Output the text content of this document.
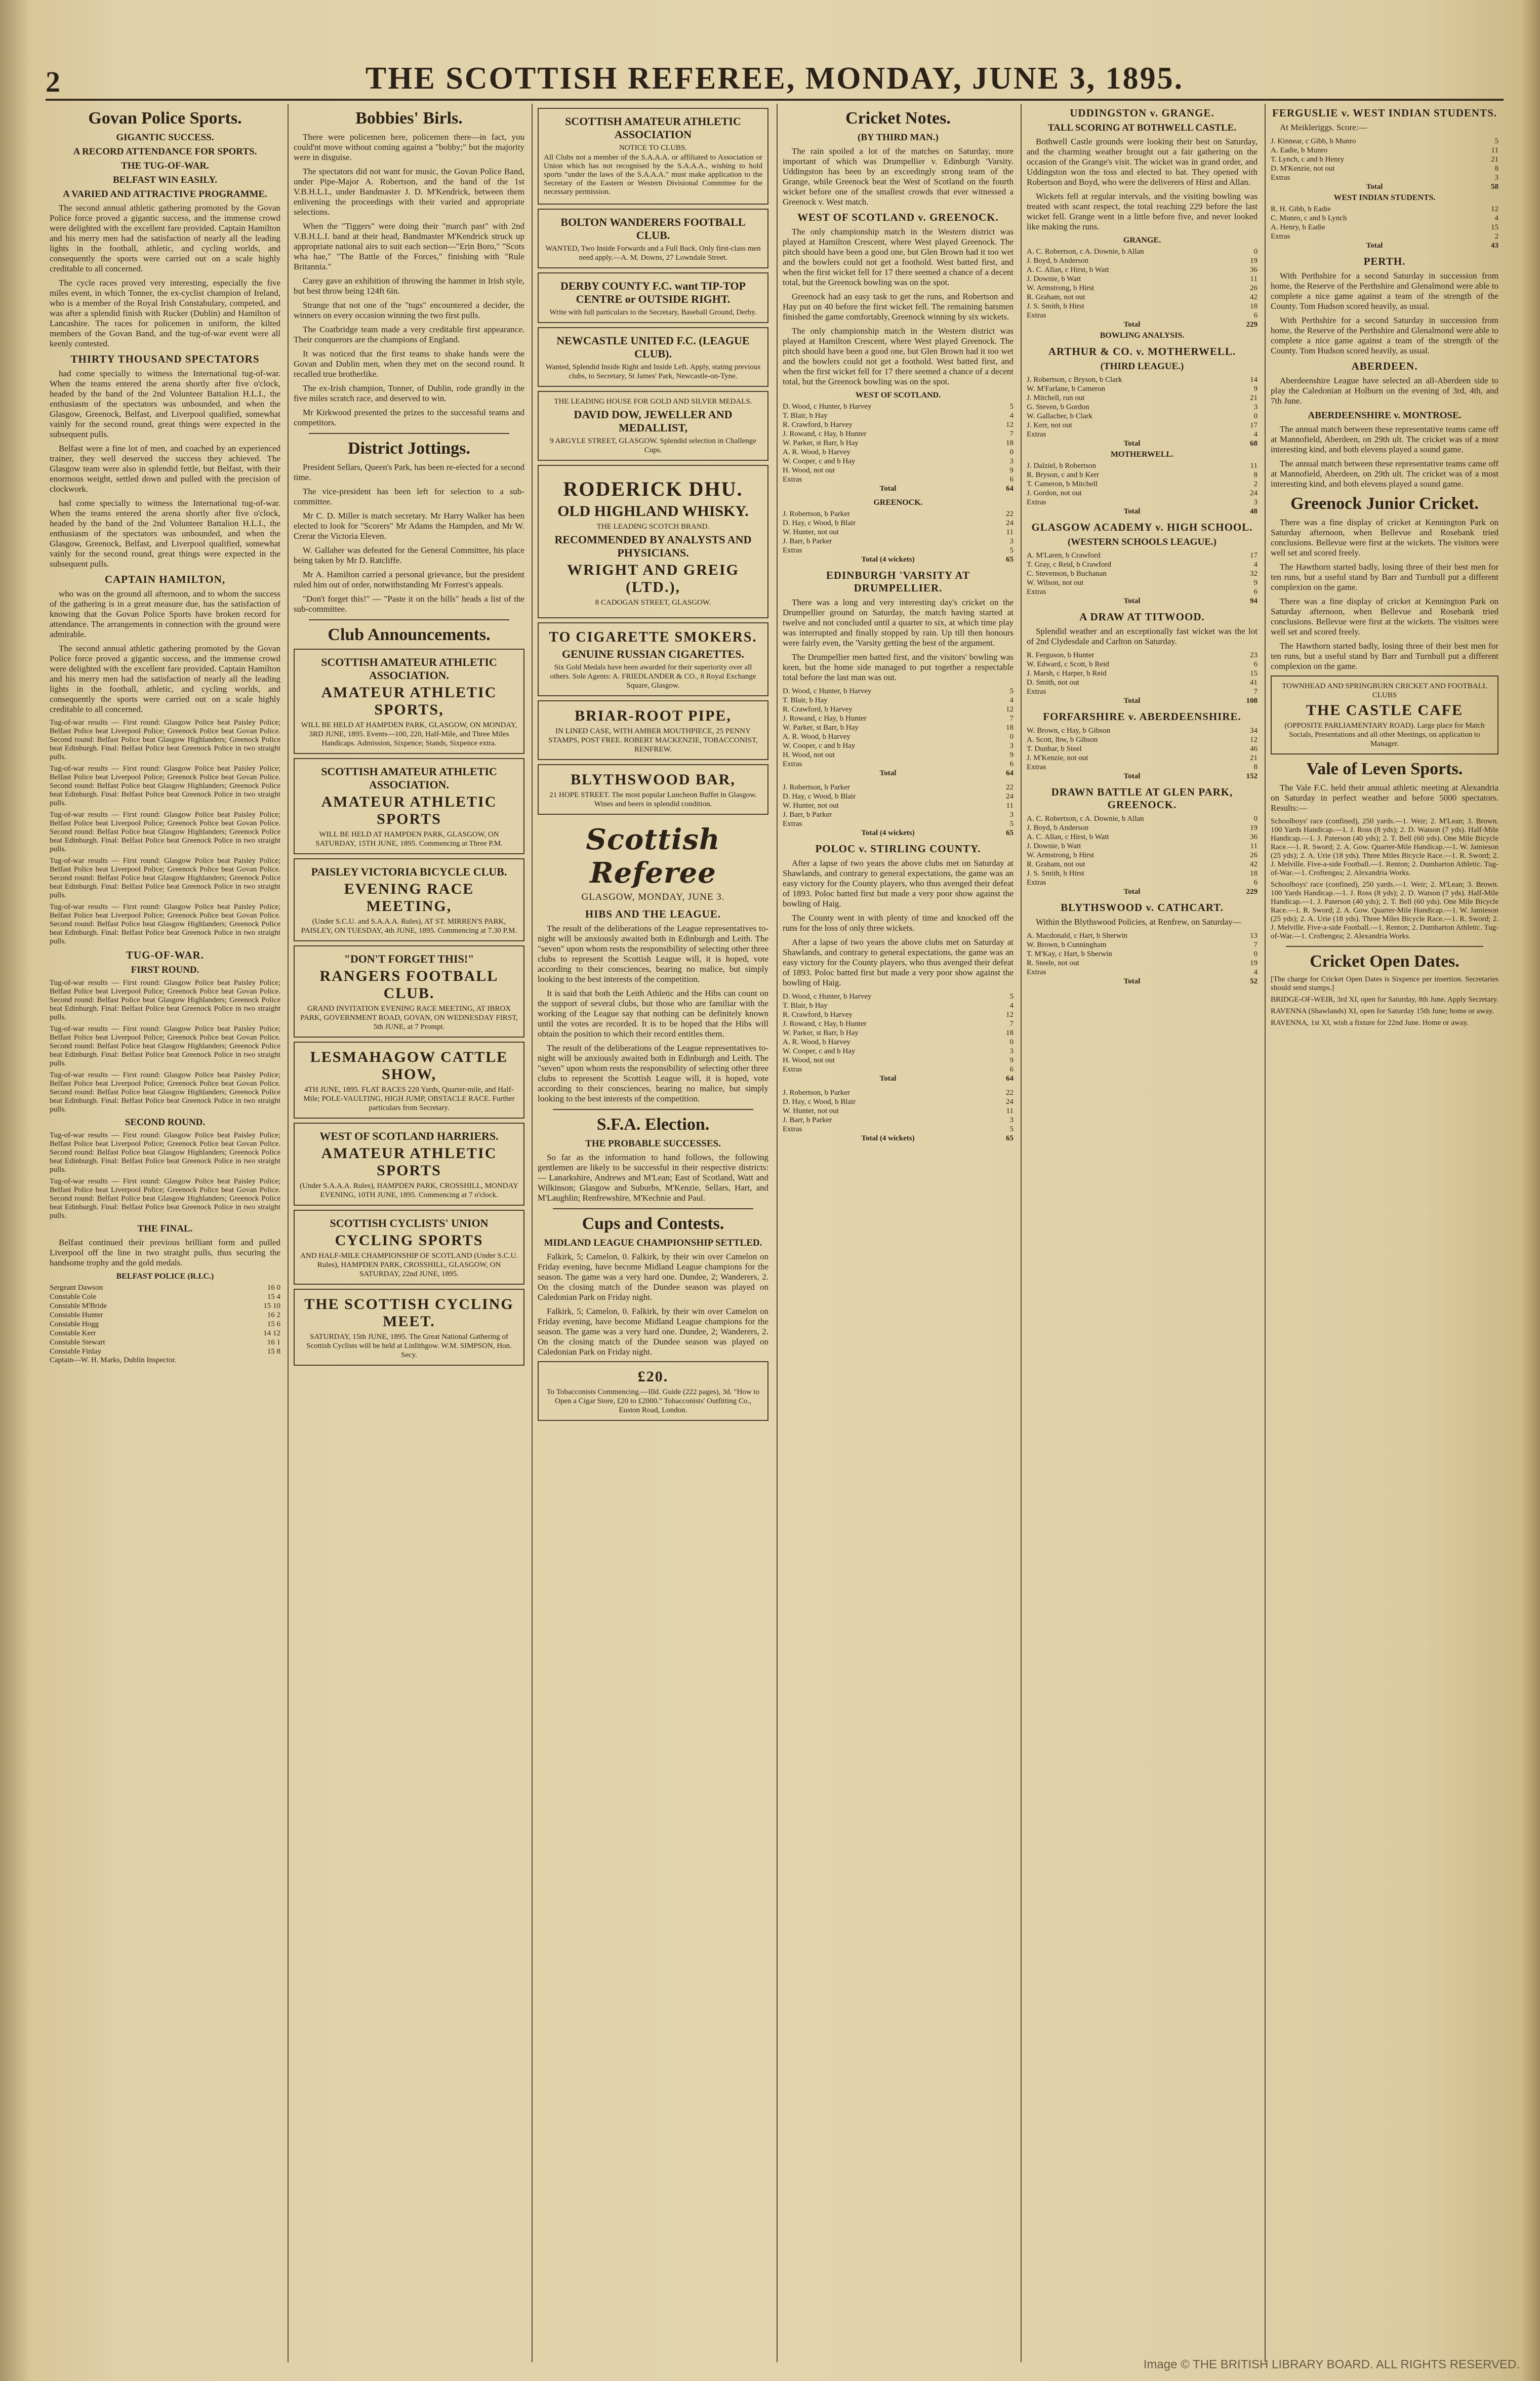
2	THE SCOTTISH REFEREE, MONDAY, JUNE 3, 1895.
Govan Police Sports.
GIGANTIC SUCCESS.
A RECORD ATTENDANCE FOR SPORTS.
THE TUG-OF-WAR.
BELFAST WIN EASILY.
A VARIED AND ATTRACTIVE PROGRAMME.

The second annual athletic gathering promoted by the Govan Police force proved a gigantic success, and the immense crowd were delighted with the excellent fare provided. Captain Hamilton and his merry men had the satisfaction of nearly all the leading lights in the football, athletic, and cycling worlds, and consequently the sports were carried out on a scale highly creditable to all concerned.

The cycle races proved very interesting, especially the five miles event, in which Tonner, the ex-cyclist champion of Ireland, who is a member of the Royal Irish Constabulary, competed, and was after a splendid finish with Rucker (Dublin) and Hamilton of Lancashire. The races for policemen in uniform, the kilted members of the Govan Band, and the tug-of-war event were all keenly contested.

THIRTY THOUSAND SPECTATORS

had come specially to witness the International tug-of-war. When the teams entered the arena shortly after five o'clock, headed by the band of the 2nd Volunteer Battalion H.L.I., the enthusiasm of the spectators was unbounded, and when the Glasgow, Greenock, Belfast, and Liverpool qualified, somewhat vainly for the second round, great things were expected in the subsequent pulls.

Belfast were a fine lot of men, and coached by an experienced trainer, they well deserved the success they achieved. The Glasgow team were also in splendid fettle, but Belfast, with their enormous weight, settled down and pulled with the precision of clockwork.

had come specially to witness the International tug-of-war. When the teams entered the arena shortly after five o'clock, headed by the band of the 2nd Volunteer Battalion H.L.I., the enthusiasm of the spectators was unbounded, and when the Glasgow, Greenock, Belfast, and Liverpool qualified, somewhat vainly for the second round, great things were expected in the subsequent pulls.

CAPTAIN HAMILTON,

who was on the ground all afternoon, and to whom the success of the gathering is in a great measure due, has the satisfaction of knowing that the Govan Police Sports have broken record for attendance. The arrangements in connection with the ground were admirable.

The second annual athletic gathering promoted by the Govan Police force proved a gigantic success, and the immense crowd were delighted with the excellent fare provided. Captain Hamilton and his merry men had the satisfaction of nearly all the leading lights in the football, athletic, and cycling worlds, and consequently the sports were carried out on a scale highly creditable to all concerned.

Tug-of-war results — First round: Glasgow Police beat Paisley Police; Belfast Police beat Liverpool Police; Greenock Police beat Govan Police. Second round: Belfast Police beat Glasgow Highlanders; Greenock Police beat Edinburgh. Final: Belfast Police beat Greenock Police in two straight pulls.
Tug-of-war results — First round: Glasgow Police beat Paisley Police; Belfast Police beat Liverpool Police; Greenock Police beat Govan Police. Second round: Belfast Police beat Glasgow Highlanders; Greenock Police beat Edinburgh. Final: Belfast Police beat Greenock Police in two straight pulls.
Tug-of-war results — First round: Glasgow Police beat Paisley Police; Belfast Police beat Liverpool Police; Greenock Police beat Govan Police. Second round: Belfast Police beat Glasgow Highlanders; Greenock Police beat Edinburgh. Final: Belfast Police beat Greenock Police in two straight pulls.
Tug-of-war results — First round: Glasgow Police beat Paisley Police; Belfast Police beat Liverpool Police; Greenock Police beat Govan Police. Second round: Belfast Police beat Glasgow Highlanders; Greenock Police beat Edinburgh. Final: Belfast Police beat Greenock Police in two straight pulls.
Tug-of-war results — First round: Glasgow Police beat Paisley Police; Belfast Police beat Liverpool Police; Greenock Police beat Govan Police. Second round: Belfast Police beat Glasgow Highlanders; Greenock Police beat Edinburgh. Final: Belfast Police beat Greenock Police in two straight pulls.
TUG-OF-WAR.
FIRST ROUND.
Tug-of-war results — First round: Glasgow Police beat Paisley Police; Belfast Police beat Liverpool Police; Greenock Police beat Govan Police. Second round: Belfast Police beat Glasgow Highlanders; Greenock Police beat Edinburgh. Final: Belfast Police beat Greenock Police in two straight pulls.
Tug-of-war results — First round: Glasgow Police beat Paisley Police; Belfast Police beat Liverpool Police; Greenock Police beat Govan Police. Second round: Belfast Police beat Glasgow Highlanders; Greenock Police beat Edinburgh. Final: Belfast Police beat Greenock Police in two straight pulls.
Tug-of-war results — First round: Glasgow Police beat Paisley Police; Belfast Police beat Liverpool Police; Greenock Police beat Govan Police. Second round: Belfast Police beat Glasgow Highlanders; Greenock Police beat Edinburgh. Final: Belfast Police beat Greenock Police in two straight pulls.
SECOND ROUND.
Tug-of-war results — First round: Glasgow Police beat Paisley Police; Belfast Police beat Liverpool Police; Greenock Police beat Govan Police. Second round: Belfast Police beat Glasgow Highlanders; Greenock Police beat Edinburgh. Final: Belfast Police beat Greenock Police in two straight pulls.
Tug-of-war results — First round: Glasgow Police beat Paisley Police; Belfast Police beat Liverpool Police; Greenock Police beat Govan Police. Second round: Belfast Police beat Glasgow Highlanders; Greenock Police beat Edinburgh. Final: Belfast Police beat Greenock Police in two straight pulls.
THE FINAL.

Belfast continued their previous brilliant form and pulled Liverpool off the line in two straight pulls, thus securing the handsome trophy and the gold medals.

BELFAST POLICE (R.I.C.)
Sergeant Dawson	16 0
Constable Cole	15 4
Constable M'Bride	15 10
Constable Hunter	16 2
Constable Hogg	15 6
Constable Kerr	14 12
Constable Stewart	16 1
Constable Finlay	15 8
Captain—W. H. Marks, Dublin Inspector.
Bobbies' Birls.

There were policemen here, policemen there—in fact, you could'nt move without coming against a "bobby;" but the majority were in disguise.

The spectators did not want for music, the Govan Police Band, under Pipe-Major A. Robertson, and the band of the 1st V.B.H.L.I., under Bandmaster J. D. M'Kendrick, between them enlivening the proceedings with their varied and appropriate selections.

When the "Tiggers" were doing their "march past" with 2nd V.B.H.L.I. band at their head, Bandmaster M'Kendrick struck up appropriate national airs to suit each section—"Erin Boro," "Scots wha hae," "The Battle of the Forces," finishing with "Rule Britannia."

Carey gave an exhibition of throwing the hammer in Irish style, but best throw being 124ft 6in.

Strange that not one of the "tugs" encountered a decider, the winners on every occasion winning the two first pulls.

The Coatbridge team made a very creditable first appearance. Their conquerors are the champions of England.

It was noticed that the first teams to shake hands were the Govan and Dublin men, when they met on the second round. It recalled true brotherlike.

The ex-Irish champion, Tonner, of Dublin, rode grandly in the five miles scratch race, and deserved to win.

Mr Kirkwood presented the prizes to the successful teams and competitors.

District Jottings.

President Sellars, Queen's Park, has been re-elected for a second time.

The vice-president has been left for selection to a sub-committee.

Mr C. D. Miller is match secretary. Mr Harry Walker has been elected to look for "Scorers" Mr Adams the Hampden, and Mr W. Crerar the Victoria Eleven.

W. Gallaher was defeated for the General Committee, his place being taken by Mr D. Ratcliffe.

Mr A. Hamilton carried a personal grievance, but the president ruled him out of order, notwithstanding Mr Forrest's appeals.

"Don't forget this!" — "Paste it on the bills" heads a list of the sub-committee.

Club Announcements.
SCOTTISH AMATEUR ATHLETIC ASSOCIATION.
AMATEUR ATHLETIC SPORTS,
WILL BE HELD AT HAMPDEN PARK, GLASGOW, ON MONDAY, 3RD JUNE, 1895. Events—100, 220, Half-Mile, and Three Miles Handicaps. Admission, Sixpence; Stands, Sixpence extra.
SCOTTISH AMATEUR ATHLETIC ASSOCIATION.
AMATEUR ATHLETIC SPORTS
WILL BE HELD AT HAMPDEN PARK, GLASGOW, ON SATURDAY, 15TH JUNE, 1895. Commencing at Three P.M.
PAISLEY VICTORIA BICYCLE CLUB.
EVENING RACE MEETING,
(Under S.C.U. and S.A.A.A. Rules), AT ST. MIRREN'S PARK, PAISLEY, ON TUESDAY, 4th JUNE, 1895. Commencing at 7.30 P.M.
"DON'T FORGET THIS!"
RANGERS FOOTBALL CLUB.
GRAND INVITATION EVENING RACE MEETING, AT IBROX PARK, GOVERNMENT ROAD, GOVAN, ON WEDNESDAY FIRST, 5th JUNE, at 7 Prompt.
LESMAHAGOW CATTLE SHOW,
4TH JUNE, 1895. FLAT RACES 220 Yards, Quarter-mile, and Half-Mile; POLE-VAULTING, HIGH JUMP, OBSTACLE RACE. Further particulars from Secretary.
WEST OF SCOTLAND HARRIERS.
AMATEUR ATHLETIC SPORTS
(Under S.A.A.A. Rules), HAMPDEN PARK, CROSSHILL, MONDAY EVENING, 10TH JUNE, 1895. Commencing at 7 o'clock.
SCOTTISH CYCLISTS' UNION
CYCLING SPORTS
AND HALF-MILE CHAMPIONSHIP OF SCOTLAND (Under S.C.U. Rules), HAMPDEN PARK, CROSSHILL, GLASGOW, ON SATURDAY, 22nd JUNE, 1895.
THE SCOTTISH CYCLING MEET.
SATURDAY, 15th JUNE, 1895. The Great National Gathering of Scottish Cyclists will be held at Linlithgow. W.M. SIMPSON, Hon. Secy.
SCOTTISH AMATEUR ATHLETIC ASSOCIATION
NOTICE TO CLUBS.
All Clubs not a member of the S.A.A.A. or affiliated to Association or Union which has not recognised by the S.A.A.A., wishing to hold sports "under the laws of the S.A.A.A." must make application to the Secretary of the Eastern or Western Divisional Committee for the necessary permission.
BOLTON WANDERERS FOOTBALL CLUB.
WANTED, Two Inside Forwards and a Full Back. Only first-class men need apply.—A. M. Downs, 27 Lowndale Street.
DERBY COUNTY F.C. want TIP-TOP CENTRE or OUTSIDE RIGHT.
Write with full particulars to the Secretary, Baseball Ground, Derby.
NEWCASTLE UNITED F.C. (LEAGUE CLUB).
Wanted, Splendid Inside Right and Inside Left. Apply, stating previous clubs, to Secretary, St James' Park, Newcastle-on-Tyne.
THE LEADING HOUSE FOR GOLD AND SILVER MEDALS.
DAVID DOW, JEWELLER AND MEDALLIST,
9 ARGYLE STREET, GLASGOW. Splendid selection in Challenge Cups.
RODERICK DHU.
OLD HIGHLAND WHISKY.
THE LEADING SCOTCH BRAND.
RECOMMENDED BY ANALYSTS AND PHYSICIANS.
WRIGHT AND GREIG (LTD.),
8 CADOGAN STREET, GLASGOW.
TO CIGARETTE SMOKERS.
GENUINE RUSSIAN CIGARETTES.
Six Gold Medals have been awarded for their superiority over all others. Sole Agents: A. FRIEDLANDER & CO., 8 Royal Exchange Square, Glasgow.
BRIAR-ROOT PIPE,
IN LINED CASE, WITH AMBER MOUTHPIECE, 25 PENNY STAMPS, POST FREE. ROBERT MACKENZIE, TOBACCONIST, RENFREW.
BLYTHSWOOD BAR,
21 HOPE STREET. The most popular Luncheon Buffet in Glasgow. Wines and beers in splendid condition.
Scottish Referee
GLASGOW, MONDAY, JUNE 3.
HIBS AND THE LEAGUE.

The result of the deliberations of the League representatives to-night will be anxiously awaited both in Edinburgh and Leith. The "seven" upon whom rests the responsibility of selecting other three clubs to represent the Scottish League will, it is hoped, vote according to their consciences, bearing no malice, but simply looking to the best interests of the competition.

It is said that both the Leith Athletic and the Hibs can count on the support of several clubs, but those who are familiar with the working of the League say that nothing can be definitely known until the votes are recorded. It is to be hoped that the Hibs will obtain the position to which their record entitles them.

The result of the deliberations of the League representatives to-night will be anxiously awaited both in Edinburgh and Leith. The "seven" upon whom rests the responsibility of selecting other three clubs to represent the Scottish League will, it is hoped, vote according to their consciences, bearing no malice, but simply looking to the best interests of the competition.

S.F.A. Election.
THE PROBABLE SUCCESSES.

So far as the information to hand follows, the following gentlemen are likely to be successful in their respective districts:— Lanarkshire, Andrews and M'Lean; East of Scotland, Watt and Wilkinson; Glasgow and Suburbs, M'Kenzie, Sellars, Hart, and M'Laughlin; Renfrewshire, M'Kechnie and Paul.

Cups and Contests.
MIDLAND LEAGUE CHAMPIONSHIP SETTLED.

Falkirk, 5; Camelon, 0. Falkirk, by their win over Camelon on Friday evening, have become Midland League champions for the season. The game was a very hard one. Dundee, 2; Wanderers, 2. On the closing match of the Dundee season was played on Caledonian Park on Friday night.

Falkirk, 5; Camelon, 0. Falkirk, by their win over Camelon on Friday evening, have become Midland League champions for the season. The game was a very hard one. Dundee, 2; Wanderers, 2. On the closing match of the Dundee season was played on Caledonian Park on Friday night.

£20.
To Tobacconists Commencing.—Illd. Guide (222 pages), 3d. "How to Open a Cigar Store, £20 to £2000." Tobacconists' Outfitting Co., Euston Road, London.
Cricket Notes.
(BY THIRD MAN.)

The rain spoiled a lot of the matches on Saturday, more important of which was Drumpellier v. Edinburgh 'Varsity. Uddingston has been by an exceedingly strong team of the Grange, while Greenock beat the West of Scotland on the fourth wicket before one of the smallest crowds that ever witnessed a Greenock v. West match.

WEST OF SCOTLAND v. GREENOCK.

The only championship match in the Western district was played at Hamilton Crescent, where West played Greenock. The pitch should have been a good one, but Glen Brown had it too wet and the bowlers could not get a foothold. West batted first, and when the first wicket fell for 17 there seemed a chance of a decent total, but the Greenock bowling was on the spot.

Greenock had an easy task to get the runs, and Robertson and Hay put on 40 before the first wicket fell. The remaining batsmen finished the game comfortably, Greenock winning by six wickets.

The only championship match in the Western district was played at Hamilton Crescent, where West played Greenock. The pitch should have been a good one, but Glen Brown had it too wet and the bowlers could not get a foothold. West batted first, and when the first wicket fell for 17 there seemed a chance of a decent total, but the Greenock bowling was on the spot.

WEST OF SCOTLAND.
D. Wood, c Hunter, b Harvey	5
T. Blair, b Hay	4
R. Crawford, b Harvey	12
J. Rowand, c Hay, b Hunter	7
W. Parker, st Barr, b Hay	18
A. R. Wood, b Harvey	0
W. Cooper, c and b Hay	3
H. Wood, not out	9
Extras	6
Total	64
GREENOCK.
J. Robertson, b Parker	22
D. Hay, c Wood, b Blair	24
W. Hunter, not out	11
J. Barr, b Parker	3
Extras	5
Total (4 wickets)	65
EDINBURGH 'VARSITY AT DRUMPELLIER.

There was a long and very interesting day's cricket on the Drumpellier ground on Saturday, the match having started at twelve and not concluded until a quarter to six, at which time play was interrupted and finally stopped by rain. Up till then honours were fairly even, the 'Varsity getting the best of the argument.

The Drumpellier men batted first, and the visitors' bowling was keen, but the home side managed to put together a respectable total before the last man was out.

D. Wood, c Hunter, b Harvey	5
T. Blair, b Hay	4
R. Crawford, b Harvey	12
J. Rowand, c Hay, b Hunter	7
W. Parker, st Barr, b Hay	18
A. R. Wood, b Harvey	0
W. Cooper, c and b Hay	3
H. Wood, not out	9
Extras	6
Total	64
J. Robertson, b Parker	22
D. Hay, c Wood, b Blair	24
W. Hunter, not out	11
J. Barr, b Parker	3
Extras	5
Total (4 wickets)	65
POLOC v. STIRLING COUNTY.

After a lapse of two years the above clubs met on Saturday at Shawlands, and contrary to general expectations, the game was an easy victory for the County players, who thus avenged their defeat of 1893. Poloc batted first but made a very poor show against the bowling of Haig.

The County went in with plenty of time and knocked off the runs for the loss of only three wickets.

After a lapse of two years the above clubs met on Saturday at Shawlands, and contrary to general expectations, the game was an easy victory for the County players, who thus avenged their defeat of 1893. Poloc batted first but made a very poor show against the bowling of Haig.

D. Wood, c Hunter, b Harvey	5
T. Blair, b Hay	4
R. Crawford, b Harvey	12
J. Rowand, c Hay, b Hunter	7
W. Parker, st Barr, b Hay	18
A. R. Wood, b Harvey	0
W. Cooper, c and b Hay	3
H. Wood, not out	9
Extras	6
Total	64
J. Robertson, b Parker	22
D. Hay, c Wood, b Blair	24
W. Hunter, not out	11
J. Barr, b Parker	3
Extras	5
Total (4 wickets)	65
UDDINGSTON v. GRANGE.
TALL SCORING AT BOTHWELL CASTLE.

Bothwell Castle grounds were looking their best on Saturday, and the charming weather brought out a fair gathering on the occasion of the Grange's visit. The wicket was in grand order, and Uddingston won the toss and elected to bat. They opened with Robertson and Boyd, who were the deliverers of Hirst and Allan.

Wickets fell at regular intervals, and the visiting bowling was treated with scant respect, the total reaching 229 before the last wicket fell. Grange went in a little before five, and never looked like making the runs.

GRANGE.
A. C. Robertson, c A. Downie, b Allan	0
J. Boyd, b Anderson	19
A. C. Allan, c Hirst, b Watt	36
J. Downie, b Watt	11
W. Armstrong, b Hirst	26
R. Graham, not out	42
J. S. Smith, b Hirst	18
Extras	6
Total	229
BOWLING ANALYSIS.
ARTHUR & CO. v. MOTHERWELL.
(THIRD LEAGUE.)
J. Robertson, c Bryson, b Clark	14
W. M'Farlane, b Cameron	9
J. Mitchell, run out	21
G. Steven, b Gordon	3
W. Gallacher, b Clark	0
J. Kerr, not out	17
Extras	4
Total	68
MOTHERWELL.
J. Dalziel, b Robertson	11
R. Bryson, c and b Kerr	8
T. Cameron, b Mitchell	2
J. Gordon, not out	24
Extras	3
Total	48
GLASGOW ACADEMY v. HIGH SCHOOL.
(WESTERN SCHOOLS LEAGUE.)
A. M'Laren, b Crawford	17
T. Gray, c Reid, b Crawford	4
C. Stevenson, b Buchanan	32
W. Wilson, not out	9
Extras	6
Total	94
A DRAW AT TITWOOD.

Splendid weather and an exceptionally fast wicket was the lot of 2nd Clydesdale and Carlton on Saturday.

R. Ferguson, b Hunter	23
W. Edward, c Scott, b Reid	6
J. Marsh, c Harper, b Reid	15
D. Smith, not out	41
Extras	7
Total	108
FORFARSHIRE v. ABERDEENSHIRE.
W. Brown, c Hay, b Gibson	34
A. Scott, lbw, b Gibson	12
T. Dunbar, b Steel	46
J. M'Kenzie, not out	21
Extras	8
Total	152
DRAWN BATTLE AT GLEN PARK, GREENOCK.
A. C. Robertson, c A. Downie, b Allan	0
J. Boyd, b Anderson	19
A. C. Allan, c Hirst, b Watt	36
J. Downie, b Watt	11
W. Armstrong, b Hirst	26
R. Graham, not out	42
J. S. Smith, b Hirst	18
Extras	6
Total	229
BLYTHSWOOD v. CATHCART.

Within the Blythswood Policies, at Renfrew, on Saturday—

A. Macdonald, c Hart, b Sherwin	13
W. Brown, b Cunningham	7
T. M'Kay, c Hart, b Sherwin	0
R. Steele, not out	19
Extras	4
Total	52
FERGUSLIE v. WEST INDIAN STUDENTS.

At Meikleriggs. Score:—

J. Kinnear, c Gibb, b Munro	5
A. Eadie, b Munro	11
T. Lynch, c and b Henry	21
D. M'Kenzie, not out	8
Extras	3
Total	58
WEST INDIAN STUDENTS.
R. H. Gibb, b Eadie	12
C. Munro, c and b Lynch	4
A. Henry, b Eadie	15
Extras	2
Total	43
PERTH.

With Perthshire for a second Saturday in succession from home, the Reserve of the Perthshire and Glenalmond were able to complete a nice game against a team of the strength of the County. Tom Hudson scored heavily, as usual.

With Perthshire for a second Saturday in succession from home, the Reserve of the Perthshire and Glenalmond were able to complete a nice game against a team of the strength of the County. Tom Hudson scored heavily, as usual.

ABERDEEN.

Aberdeenshire League have selected an all-Aberdeen side to play the Caledonian at Holburn on the evening of 3rd, 4th, and 7th June.

ABERDEENSHIRE v. MONTROSE.

The annual match between these representative teams came off at Mannofield, Aberdeen, on 29th ult. The cricket was of a most interesting kind, and both elevens played a sound game.

The annual match between these representative teams came off at Mannofield, Aberdeen, on 29th ult. The cricket was of a most interesting kind, and both elevens played a sound game.

Greenock Junior Cricket.

There was a fine display of cricket at Kennington Park on Saturday afternoon, when Bellevue and Rosebank tried conclusions. Bellevue were first at the wickets. The visitors were well set and scored freely.

The Hawthorn started badly, losing three of their best men for ten runs, but a useful stand by Barr and Turnbull put a different complexion on the game.

There was a fine display of cricket at Kennington Park on Saturday afternoon, when Bellevue and Rosebank tried conclusions. Bellevue were first at the wickets. The visitors were well set and scored freely.

The Hawthorn started badly, losing three of their best men for ten runs, but a useful stand by Barr and Turnbull put a different complexion on the game.

TOWNHEAD AND SPRINGBURN CRICKET AND FOOTBALL CLUBS
THE CASTLE CAFE
(OPPOSITE PARLIAMENTARY ROAD). Large place for Match Socials, Presentations and all other Meetings, on application to Manager.
Vale of Leven Sports.

The Vale F.C. held their annual athletic meeting at Alexandria on Saturday in perfect weather and before 5000 spectators. Results:—

Schoolboys' race (confined), 250 yards.—1. Weir; 2. M'Lean; 3. Brown. 100 Yards Handicap.—1. J. Ross (8 yds); 2. D. Watson (7 yds). Half-Mile Handicap.—1. J. Paterson (40 yds); 2. T. Bell (60 yds). One Mile Bicycle Race.—1. R. Sword; 2. A. Gow. Quarter-Mile Handicap.—1. W. Jamieson (25 yds); 2. A. Urie (18 yds). Three Miles Bicycle Race.—1. R. Sword; 2. J. Melville. Five-a-side Football.—1. Renton; 2. Dumbarton Athletic. Tug-of-War.—1. Croftengea; 2. Alexandria Works.
Schoolboys' race (confined), 250 yards.—1. Weir; 2. M'Lean; 3. Brown. 100 Yards Handicap.—1. J. Ross (8 yds); 2. D. Watson (7 yds). Half-Mile Handicap.—1. J. Paterson (40 yds); 2. T. Bell (60 yds). One Mile Bicycle Race.—1. R. Sword; 2. A. Gow. Quarter-Mile Handicap.—1. W. Jamieson (25 yds); 2. A. Urie (18 yds). Three Miles Bicycle Race.—1. R. Sword; 2. J. Melville. Five-a-side Football.—1. Renton; 2. Dumbarton Athletic. Tug-of-War.—1. Croftengea; 2. Alexandria Works.
Cricket Open Dates.
[The charge for Cricket Open Dates is Sixpence per insertion. Secretaries should send stamps.]
BRIDGE-OF-WEIR, 3rd XI, open for Saturday, 8th June. Apply Secretary.
RAVENNA (Shawlands) XI, open for Saturday 15th June; home or away.
RAVENNA, 1st XI, wish a fixture for 22nd June. Home or away.
Image © THE BRITISH LIBRARY BOARD. ALL RIGHTS RESERVED.
